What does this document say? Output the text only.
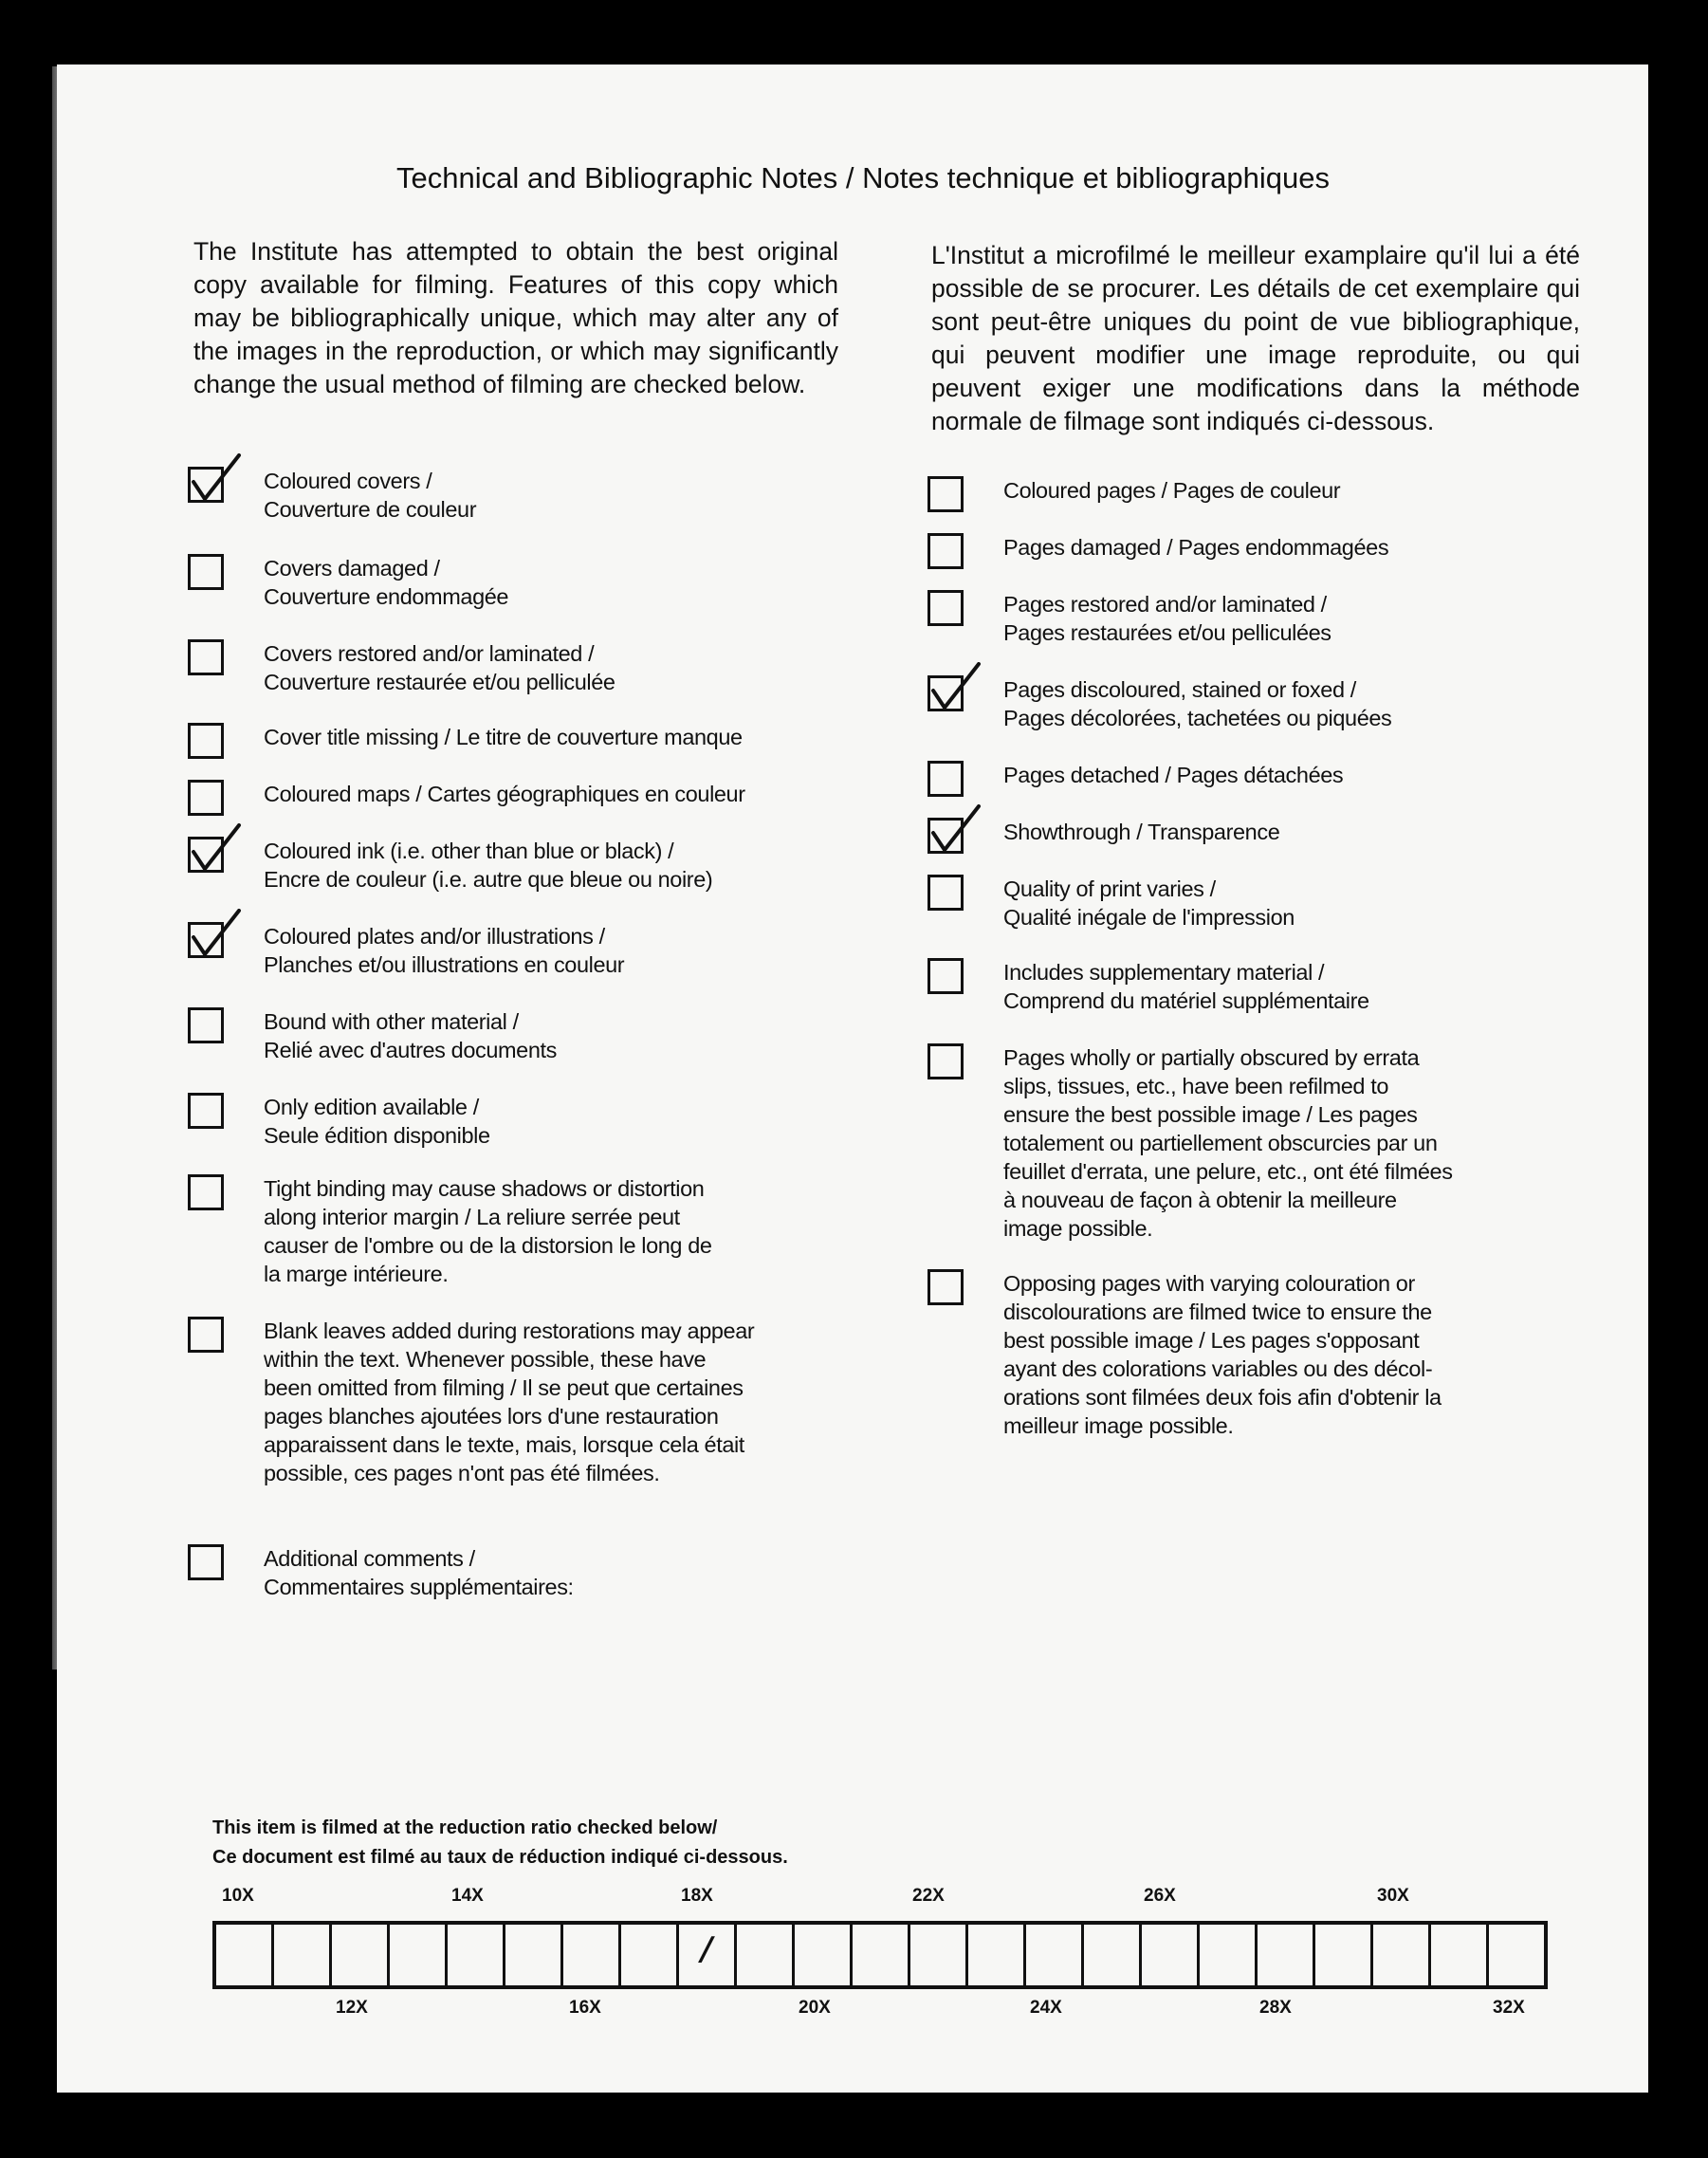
Technical and Bibliographic Notes / Notes technique et bibliographiques
The Institute has attempted to obtain the best original copy available for filming. Features of this copy which may be bibliographically unique, which may alter any of the images in the reproduction, or which may significantly change the usual method of filming are checked below.
L'Institut a microfilmé le meilleur examplaire qu'il lui a été possible de se procurer. Les détails de cet exemplaire qui sont peut-être uniques du point de vue bibliographique, qui peuvent modifier une image reproduite, ou qui peuvent exiger une modifications dans la méthode normale de filmage sont indiqués ci-dessous.
Coloured covers /
Couverture de couleur
Covers damaged /
Couverture endommagée
Covers restored and/or laminated /
Couverture restaurée et/ou pelliculée
Cover title missing / Le titre de couverture manque
Coloured maps / Cartes géographiques en couleur
Coloured ink (i.e. other than blue or black) /
Encre de couleur (i.e. autre que bleue ou noire)
Coloured plates and/or illustrations /
Planches et/ou illustrations en couleur
Bound with other material /
Relié avec d'autres documents
Only edition available /
Seule édition disponible
Tight binding may cause shadows or distortion
along interior margin / La reliure serrée peut
causer de l'ombre ou de la distorsion le long de
la marge intérieure.
Blank leaves added during restorations may appear
within the text. Whenever possible, these have
been omitted from filming / Il se peut que certaines
pages blanches ajoutées lors d'une restauration
apparaissent dans le texte, mais, lorsque cela était
possible, ces pages n'ont pas été filmées.
Additional comments /
Commentaires supplémentaires:
Coloured pages / Pages de couleur
Pages damaged / Pages endommagées
Pages restored and/or laminated /
Pages restaurées et/ou pelliculées
Pages discoloured, stained or foxed /
Pages décolorées, tachetées ou piquées
Pages detached / Pages détachées
Showthrough / Transparence
Quality of print varies /
Qualité inégale de l'impression
Includes supplementary material /
Comprend du matériel supplémentaire
Pages wholly or partially obscured by errata
slips, tissues, etc., have been refilmed to
ensure the best possible image / Les pages
totalement ou partiellement obscurcies par un
feuillet d'errata, une pelure, etc., ont été filmées
à nouveau de façon à obtenir la meilleure
image possible.
Opposing pages with varying colouration or
discolourations are filmed twice to ensure the
best possible image / Les pages s'opposant
ayant des colorations variables ou des décol-
orations sont filmées deux fois afin d'obtenir la
meilleur image possible.
This item is filmed at the reduction ratio checked below/
Ce document est filmé au taux de réduction indiqué ci-dessous.
10X	14X	18X	22X	26X	30X
/
12X	16X	20X	24X	28X	32X
